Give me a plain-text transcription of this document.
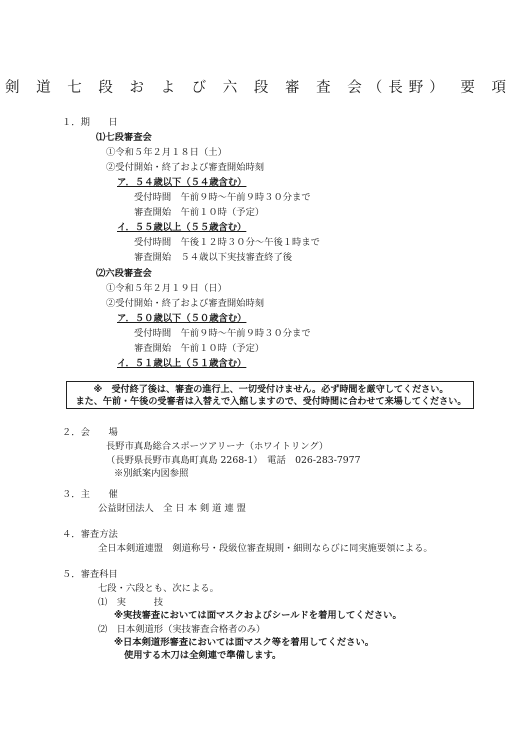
剣 道 七 段 お よ び 六 段 審 査 会（長野） 要 項
１．期　　日
⑴七段審査会
①令和５年２月１８日（土）
②受付開始・終了および審査開始時刻
ア．５４歳以下（５４歳含む）
受付時間　午前９時～午前９時３０分まで
審査開始　午前１０時（予定）
イ．５５歳以上（５５歳含む）
受付時間　午後１２時３０分～午後１時まで
審査開始　５４歳以下実技審査終了後
⑵六段審査会
①令和５年２月１９日（日）
②受付開始・終了および審査開始時刻
ア．５０歳以下（５０歳含む）
受付時間　午前９時～午前９時３０分まで
審査開始　午前１０時（予定）
イ．５１歳以上（５１歳含む）
※　受付終了後は、審査の進行上、一切受付けません。必ず時間を厳守してください。
また、午前・午後の受審者は入替えで入館しますので、受付時間に合わせて来場してください。
２．会　　場
長野市真島総合スポーツアリーナ（ホワイトリング）
（長野県長野市真島町真島 2268-1）　電話　026-283-7977
※別紙案内図参照
３．主　　催
公益財団法人　全 日 本 剣 道 連 盟
４．審査方法
全日本剣道連盟　剣道称号・段級位審査規則・細則ならびに同実施要領による。
５．審査科目
七段・六段とも、次による。
⑴　実　　　技
※実技審査においては面マスクおよびシールドを着用してください。
⑵　日本剣道形（実技審査合格者のみ）
※日本剣道形審査においては面マスク等を着用してください。
使用する木刀は全剣連で準備します。
